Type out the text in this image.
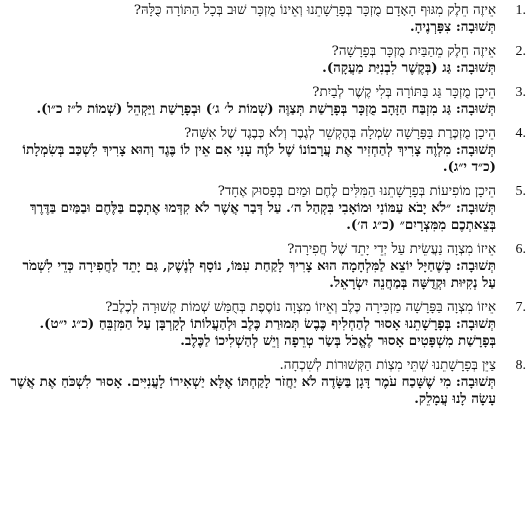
1.
אֵיזֶה חֵלֶק מִגּוּף הָאָדָם מֻזְכָּר בְּפָרָשָׁתֵנוּ וְאֵינוֹ מֻזְכָּר שׁוּב בְּכָל הַתּוֹרָה כֻּלָּהּ?
תְּשׁוּבָה: צִפָּרְנֶיהָ.
2.
אֵיזֶה חֵלֶק מֵהַבַּיִת מֻזְכָּר בְּפָרָשָׁה?
תְּשׁוּבָה: גַּג (בְּקֶשֶׁר לִבְנִיַּת מַעֲקָה).
3.
הֵיכָן מֻזְכָּר גַּג בַּתּוֹרָה בְּלִי קֶשֶׁר לְבַיִת?
תְּשׁוּבָה: גַּג מִזְבַּח הַזָּהָב מֻזְכָּר בְּפָרָשַׁת תְּצַוֶּה (שְׁמוֹת ל׳ ג׳) וּבְפָרָשַׁת וַיַּקְהֵל (שְׁמוֹת ל״ז כ״ו).
4.
הֵיכָן מֻזְכֶּרֶת בַּפָּרָשָׁה שִׂמְלָה בְּהֶקְשֵׁר לְגֶבֶר וְלֹא כְּבֶגֶד שֶׁל אִשָּׁה?
תְּשׁוּבָה: מִלְוֶה צָרִיךְ לְהַחְזִיר אֶת עֲרָבוֹנוֹ שֶׁל לֹוֶה עָנִי אִם אֵין לוֹ בֶּגֶד וְהוּא צָרִיךְ לִשְׁכַּב בְּשִׂמְלָתוֹ (כ״ד י״ג).
5.
הֵיכָן מוֹפִיעוֹת בְּפָרָשָׁתֵנוּ הַמִּלִּים לֶחֶם וּמַיִם בְּפָסוּק אֶחָד?
תְּשׁוּבָה: ״לֹא יָבֹא עַמּוֹנִי וּמוֹאָבִי בִּקְהַל ה׳. עַל דְּבַר אֲשֶׁר לֹא קִדְּמוּ אֶתְכֶם בַּלֶּחֶם וּבַמַּיִם בַּדֶּרֶךְ בְּצֵאתְכֶם מִמִּצְרָיִם״ (כ״ג ה׳).
6.
אֵיזוֹ מִצְוָה נַעֲשֵׂית עַל יְדֵי יָתֵד שֶׁל חֲפִירָה?
תְּשׁוּבָה: כְּשֶׁחַיָּל יוֹצֵא לַמִּלְחָמָה הוּא צָרִיךְ לָקַחַת עִמּוֹ, נוֹסָף לְנֶשֶׁק, גַּם יָתֵד לַחֲפִירָה כְּדֵי לִשְׁמֹר עַל נְקִיּוּת וּקְדֻשָּׁה בְּמַחֲנֵה יִשְׂרָאֵל.
7.
אֵיזוֹ מִצְוָה בַּפָּרָשָׁה מַזְכִּירָה כֶּלֶב וְאֵיזוֹ מִצְוָה נוֹסֶפֶת בְּחֻמַּשׁ שְׁמוֹת קְשׁוּרָה לְכֶלֶב?
תְּשׁוּבָה: בְּפָרָשָׁתֵנוּ אָסוּר לְהַחְלִיף כֶּבֶשׂ תְּמוּרַת כֶּלֶב וּלְהַעֲלוֹתוֹ לְקָרְבָּן עַל הַמִּזְבֵּחַ (כ״ג י״ט). בְּפָרָשַׁת מִשְׁפָּטִים אָסוּר לֶאֱכֹל בְּשַׂר טְרֵפָה וְיֵשׁ לְהַשְׁלִיכוֹ לַכֶּלֶב.
8.
צַיֵּן בְּפָרָשָׁתֵנוּ שְׁתֵּי מִצְוֹת הַקְּשׁוּרוֹת לְשִׁכְחָה.
תְּשׁוּבָה: מִי שֶׁשָּׁכַח עֹמֶר דָּגָן בַּשָּׂדֶה לֹא יַחֲזֹר לָקַחְתּוֹ אֶלָּא יַשְׁאִירוֹ לָעֲנִיִּים. אָסוּר לִשְׁכֹּחַ אֶת אֲשֶׁר עָשָׂה לָנוּ עֲמָלֵק.
